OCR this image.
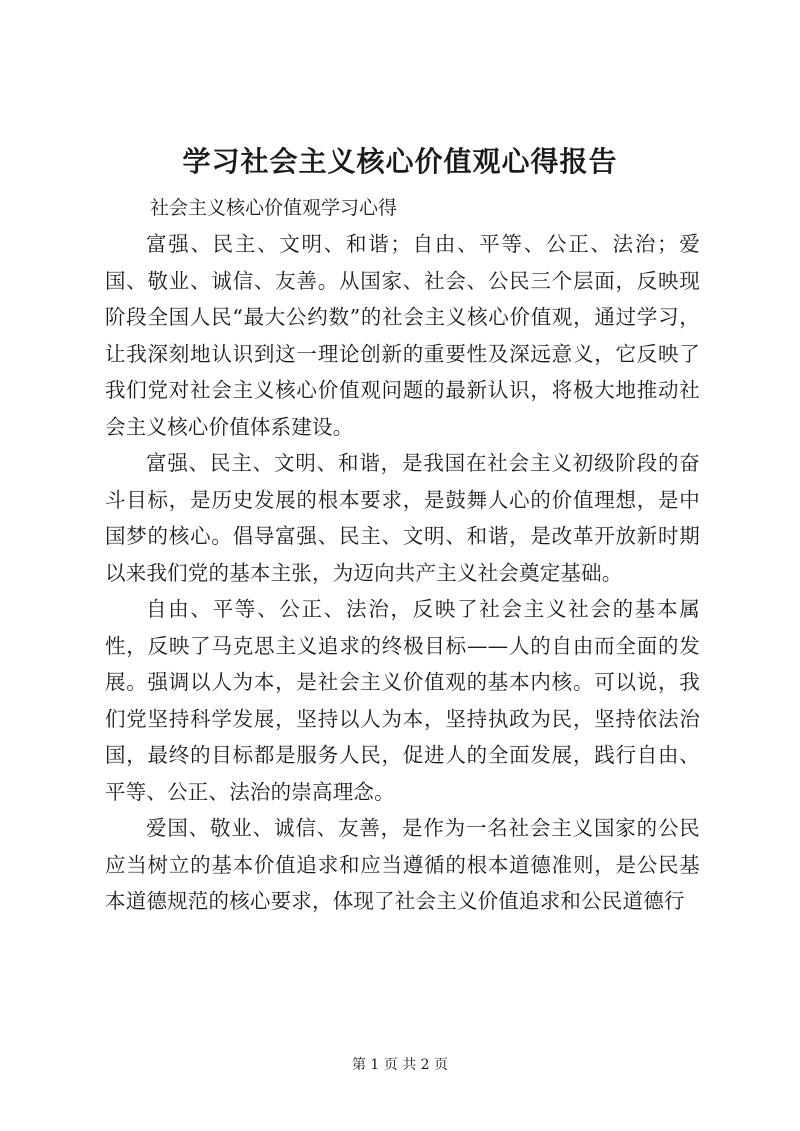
学习社会主义核心价值观心得报告
社会主义核心价值观学习心得

富强、民主、文明、和谐；自由、平等、公正、法治；爱国、敬业、诚信、友善。从国家、社会、公民三个层面，反映现阶段全国人民“最大公约数”的社会主义核心价值观，通过学习，让我深刻地认识到这一理论创新的重要性及深远意义，它反映了我们党对社会主义核心价值观问题的最新认识，将极大地推动社会主义核心价值体系建设。

富强、民主、文明、和谐，是我国在社会主义初级阶段的奋斗目标，是历史发展的根本要求，是鼓舞人心的价值理想，是中国梦的核心。倡导富强、民主、文明、和谐，是改革开放新时期以来我们党的基本主张，为迈向共产主义社会奠定基础。

自由、平等、公正、法治，反映了社会主义社会的基本属性，反映了马克思主义追求的终极目标——人的自由而全面的发展。强调以人为本，是社会主义价值观的基本内核。可以说，我们党坚持科学发展，坚持以人为本，坚持执政为民，坚持依法治国，最终的目标都是服务人民，促进人的全面发展，践行自由、平等、公正、法治的崇高理念。

爱国、敬业、诚信、友善，是作为一名社会主义国家的公民应当树立的基本价值追求和应当遵循的根本道德准则，是公民基本道德规范的核心要求，体现了社会主义价值追求和公民道德行

第 1 页 共 2 页
